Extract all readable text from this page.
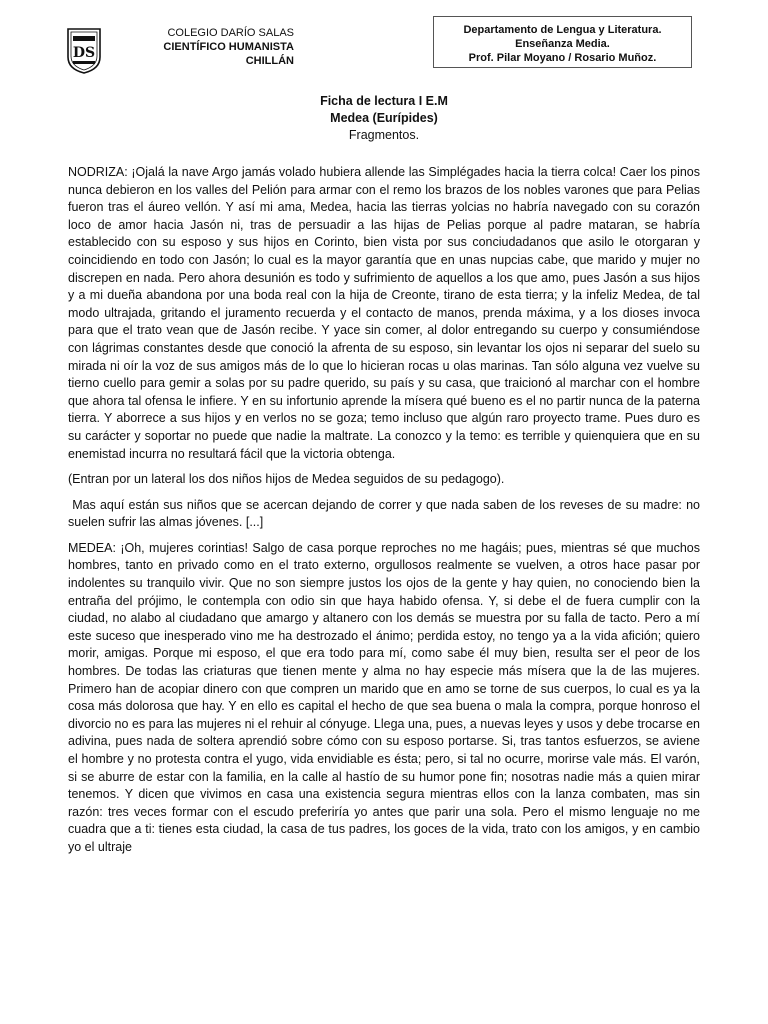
DS
COLEGIO DARÍO SALAS
CIENTÍFICO HUMANISTA
CHILLÁN
Departamento de Lengua y Literatura.
Enseñanza Media.
Prof. Pilar Moyano / Rosario Muñoz.
Ficha de lectura I E.M
Medea (Eurípides)
Fragmentos.

NODRIZA: ¡Ojalá la nave Argo jamás volado hubiera allende las Simplégades hacia la tierra colca! Caer los pinos nunca debieron en los valles del Pelión para armar con el remo los brazos de los nobles varones que para Pelias fueron tras el áureo vellón. Y así mi ama, Medea, hacia las tierras yolcias no habría navegado con su corazón loco de amor hacia Jasón ni, tras de persuadir a las hijas de Pelias porque al padre mataran, se habría establecido con su esposo y sus hijos en Corinto, bien vista por sus conciudadanos que asilo le otorgaran y coincidiendo en todo con Jasón; lo cual es la mayor garantía que en unas nupcias cabe, que marido y mujer no discrepen en nada. Pero ahora desunión es todo y sufrimiento de aquellos a los que amo, pues Jasón a sus hijos y a mi dueña abandona por una boda real con la hija de Creonte, tirano de esta tierra; y la infeliz Medea, de tal modo ultrajada, gritando el juramento recuerda y el contacto de manos, prenda máxima, y a los dioses invoca para que el trato vean que de Jasón recibe. Y yace sin comer, al dolor entregando su cuerpo y consumiéndose con lágrimas constantes desde que conoció la afrenta de su esposo, sin levantar los ojos ni separar del suelo su mirada ni oír la voz de sus amigos más de lo que lo hicieran rocas u olas marinas. Tan sólo alguna vez vuelve su tierno cuello para gemir a solas por su padre querido, su país y su casa, que traicionó al marchar con el hombre que ahora tal ofensa le infiere. Y en su infortunio aprende la mísera qué bueno es el no partir nunca de la paterna tierra. Y aborrece a sus hijos y en verlos no se goza; temo incluso que algún raro proyecto trame. Pues duro es su carácter y soportar no puede que nadie la maltrate. La conozco y la temo: es terrible y quienquiera que en su enemistad incurra no resultará fácil que la victoria obtenga.

(Entran por un lateral los dos niños hijos de Medea seguidos de su pedagogo).

Mas aquí están sus niños que se acercan dejando de correr y que nada saben de los reveses de su madre: no suelen sufrir las almas jóvenes. [...]

MEDEA: ¡Oh, mujeres corintias! Salgo de casa porque reproches no me hagáis; pues, mientras sé que muchos hombres, tanto en privado como en el trato externo, orgullosos realmente se vuelven, a otros hace pasar por indolentes su tranquilo vivir. Que no son siempre justos los ojos de la gente y hay quien, no conociendo bien la entraña del prójimo, le contempla con odio sin que haya habido ofensa. Y, si debe el de fuera cumplir con la ciudad, no alabo al ciudadano que amargo y altanero con los demás se muestra por su falla de tacto. Pero a mí este suceso que inesperado vino me ha destrozado el ánimo; perdida estoy, no tengo ya a la vida afición; quiero morir, amigas. Porque mi esposo, el que era todo para mí, como sabe él muy bien, resulta ser el peor de los hombres. De todas las criaturas que tienen mente y alma no hay especie más mísera que la de las mujeres. Primero han de acopiar dinero con que compren un marido que en amo se torne de sus cuerpos, lo cual es ya la cosa más dolorosa que hay. Y en ello es capital el hecho de que sea buena o mala la compra, porque honroso el divorcio no es para las mujeres ni el rehuir al cónyuge. Llega una, pues, a nuevas leyes y usos y debe trocarse en adivina, pues nada de soltera aprendió sobre cómo con su esposo portarse. Si, tras tantos esfuerzos, se aviene el hombre y no protesta contra el yugo, vida envidiable es ésta; pero, si tal no ocurre, morirse vale más. El varón, si se aburre de estar con la familia, en la calle al hastío de su humor pone fin; nosotras nadie más a quien mirar tenemos. Y dicen que vivimos en casa una existencia segura mientras ellos con la lanza combaten, mas sin razón: tres veces formar con el escudo preferiría yo antes que parir una sola. Pero el mismo lenguaje no me cuadra que a ti: tienes esta ciudad, la casa de tus padres, los goces de la vida, trato con los amigos, y en cambio yo el ultraje
